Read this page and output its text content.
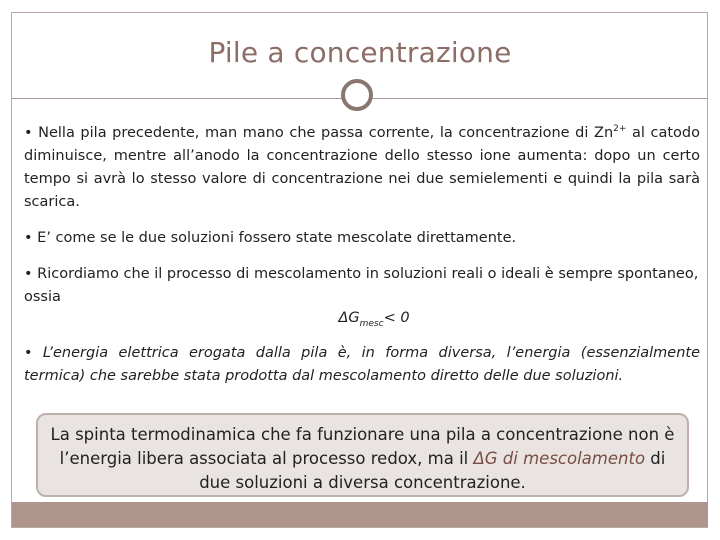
Pile a concentrazione

• Nella pila precedente, man mano che passa corrente, la concentrazione di $Zn^{2+}$ al catodo diminuisce, mentre all’anodo la concentrazione dello stesso ione aumenta: dopo un certo tempo si avrà lo stesso valore di concentrazione nei due semielementi e quindi la pila sarà scarica.

• E’ come se le due soluzioni fossero state mescolate direttamente.

• Ricordiamo che il processo di mescolamento in soluzioni reali o ideali è sempre spontaneo, ossia

$\Delta G_{mesc}< 0$

• L’energia elettrica erogata dalla pila è, in forma diversa, l’energia (essenzialmente termica) che sarebbe stata prodotta dal mescolamento diretto delle due soluzioni.

La spinta termodinamica che fa funzionare una pila a concentrazione non è l’energia libera associata al processo redox, ma il ΔG di mescolamento di due soluzioni a diversa concentrazione.
